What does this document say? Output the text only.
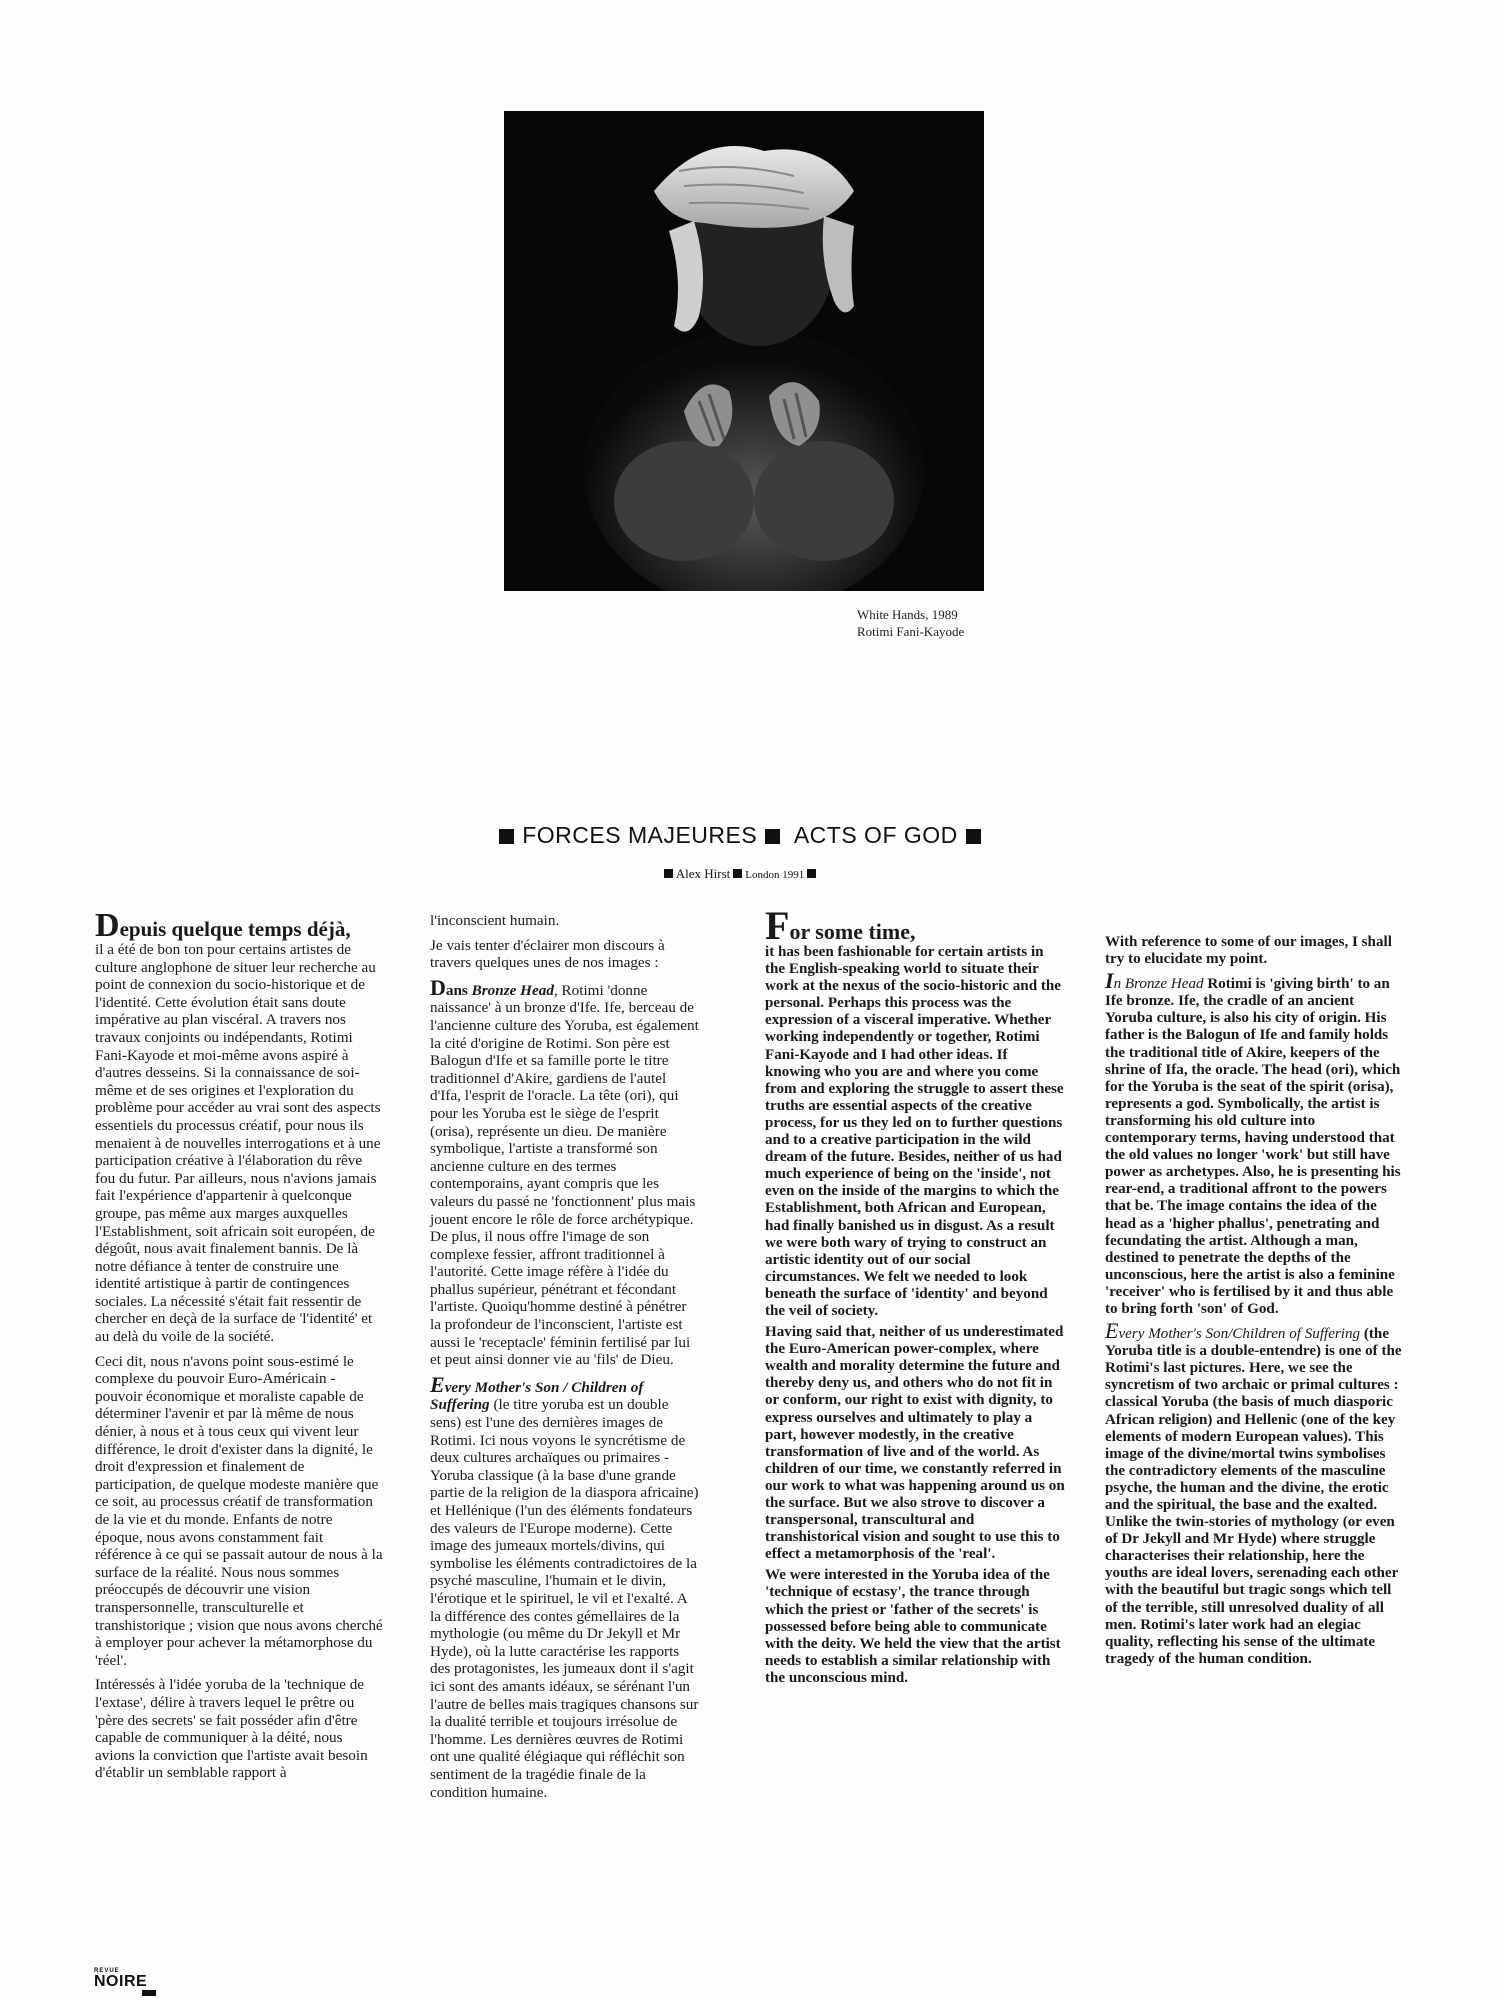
White Hands, 1989
Rotimi Fani-Kayode
FORCES MAJEURES ACTS OF GOD
Alex Hirst London 1991
Depuis quelque temps déjà,

il a été de bon ton pour certains artistes de culture anglophone de situer leur recherche au point de connexion du socio-historique et de l'identité. Cette évolution était sans doute impérative au plan viscéral. A travers nos travaux conjoints ou indépendants, Rotimi Fani-Kayode et moi-même avons aspiré à d'autres desseins. Si la connaissance de soi-même et de ses origines et l'exploration du problème pour accéder au vrai sont des aspects essentiels du processus créatif, pour nous ils menaient à de nouvelles interrogations et à une participation créative à l'élaboration du rêve fou du futur. Par ailleurs, nous n'avions jamais fait l'expérience d'appartenir à quelconque groupe, pas même aux marges auxquelles l'Establishment, soit africain soit européen, de dégoût, nous avait finalement bannis. De là notre défiance à tenter de construire une identité artistique à partir de contingences sociales. La nécessité s'était fait ressentir de chercher en deçà de la surface de 'l'identité' et au delà du voile de la société.

Ceci dit, nous n'avons point sous-estimé le complexe du pouvoir Euro-Américain - pouvoir économique et moraliste capable de déterminer l'avenir et par là même de nous dénier, à nous et à tous ceux qui vivent leur différence, le droit d'exister dans la dignité, le droit d'expression et finalement de participation, de quelque modeste manière que ce soit, au processus créatif de transformation de la vie et du monde. Enfants de notre époque, nous avons constamment fait référence à ce qui se passait autour de nous à la surface de la réalité. Nous nous sommes préoccupés de découvrir une vision transpersonnelle, transculturelle et transhistorique ; vision que nous avons cherché à employer pour achever la métamorphose du 'réel'.

Intéressés à l'idée yoruba de la 'technique de l'extase', délire à travers lequel le prêtre ou 'père des secrets' se fait posséder afin d'être capable de communiquer à la déité, nous avions la conviction que l'artiste avait besoin d'établir un semblable rapport à

l'inconscient humain.

Je vais tenter d'éclairer mon discours à travers quelques unes de nos images :

Dans Bronze Head, Rotimi 'donne naissance' à un bronze d'Ife. Ife, berceau de l'ancienne culture des Yoruba, est également la cité d'origine de Rotimi. Son père est Balogun d'Ife et sa famille porte le titre traditionnel d'Akire, gardiens de l'autel d'Ifa, l'esprit de l'oracle. La tête (ori), qui pour les Yoruba est le siège de l'esprit (orisa), représente un dieu. De manière symbolique, l'artiste a transformé son ancienne culture en des termes contemporains, ayant compris que les valeurs du passé ne 'fonctionnent' plus mais jouent encore le rôle de force archétypique. De plus, il nous offre l'image de son complexe fessier, affront traditionnel à l'autorité. Cette image réfère à l'idée du phallus supérieur, pénétrant et fécondant l'artiste. Quoiqu'homme destiné à pénétrer la profondeur de l'inconscient, l'artiste est aussi le 'receptacle' féminin fertilisé par lui et peut ainsi donner vie au 'fils' de Dieu.

Every Mother's Son / Children of Suffering (le titre yoruba est un double sens) est l'une des dernières images de Rotimi. Ici nous voyons le syncrétisme de deux cultures archaïques ou primaires - Yoruba classique (à la base d'une grande partie de la religion de la diaspora africaine) et Hellénique (l'un des éléments fondateurs des valeurs de l'Europe moderne). Cette image des jumeaux mortels/divins, qui symbolise les éléments contradictoires de la psyché masculine, l'humain et le divin, l'érotique et le spirituel, le vil et l'exalté. A la différence des contes gémellaires de la mythologie (ou même du Dr Jekyll et Mr Hyde), où la lutte caractérise les rapports des protagonistes, les jumeaux dont il s'agit ici sont des amants idéaux, se sérénant l'un l'autre de belles mais tragiques chansons sur la dualité terrible et toujours irrésolue de l'homme. Les dernières œuvres de Rotimi ont une qualité élégiaque qui réfléchit son sentiment de la tragédie finale de la condition humaine.

For some time,

it has been fashionable for certain artists in the English-speaking world to situate their work at the nexus of the socio-historic and the personal. Perhaps this process was the expression of a visceral imperative. Whether working independently or together, Rotimi Fani-Kayode and I had other ideas. If knowing who you are and where you come from and exploring the struggle to assert these truths are essential aspects of the creative process, for us they led on to further questions and to a creative participation in the wild dream of the future. Besides, neither of us had much experience of being on the 'inside', not even on the inside of the margins to which the Establishment, both African and European, had finally banished us in disgust. As a result we were both wary of trying to construct an artistic identity out of our social circumstances. We felt we needed to look beneath the surface of 'identity' and beyond the veil of society.

Having said that, neither of us underestimated the Euro-American power-complex, where wealth and morality determine the future and thereby deny us, and others who do not fit in or conform, our right to exist with dignity, to express ourselves and ultimately to play a part, however modestly, in the creative transformation of live and of the world. As children of our time, we constantly referred in our work to what was happening around us on the surface. But we also strove to discover a transpersonal, transcultural and transhistorical vision and sought to use this to effect a metamorphosis of the 'real'.

We were interested in the Yoruba idea of the 'technique of ecstasy', the trance through which the priest or 'father of the secrets' is possessed before being able to communicate with the deity. We held the view that the artist needs to establish a similar relationship with the unconscious mind.

With reference to some of our images, I shall try to elucidate my point.

In Bronze Head Rotimi is 'giving birth' to an Ife bronze. Ife, the cradle of an ancient Yoruba culture, is also his city of origin. His father is the Balogun of Ife and family holds the traditional title of Akire, keepers of the shrine of Ifa, the oracle. The head (ori), which for the Yoruba is the seat of the spirit (orisa), represents a god. Symbolically, the artist is transforming his old culture into contemporary terms, having understood that the old values no longer 'work' but still have power as archetypes. Also, he is presenting his rear-end, a traditional affront to the powers that be. The image contains the idea of the head as a 'higher phallus', penetrating and fecundating the artist. Although a man, destined to penetrate the depths of the unconscious, here the artist is also a feminine 'receiver' who is fertilised by it and thus able to bring forth 'son' of God.

Every Mother's Son/Children of Suffering (the Yoruba title is a double-entendre) is one of the Rotimi's last pictures. Here, we see the syncretism of two archaic or primal cultures : classical Yoruba (the basis of much diasporic African religion) and Hellenic (one of the key elements of modern European values). This image of the divine/mortal twins symbolises the contradictory elements of the masculine psyche, the human and the divine, the erotic and the spiritual, the base and the exalted. Unlike the twin-stories of mythology (or even of Dr Jekyll and Mr Hyde) where struggle characterises their relationship, here the youths are ideal lovers, serenading each other with the beautiful but tragic songs which tell of the terrible, still unresolved duality of all men. Rotimi's later work had an elegiac quality, reflecting his sense of the ultimate tragedy of the human condition.

REVUE
NOIRE
